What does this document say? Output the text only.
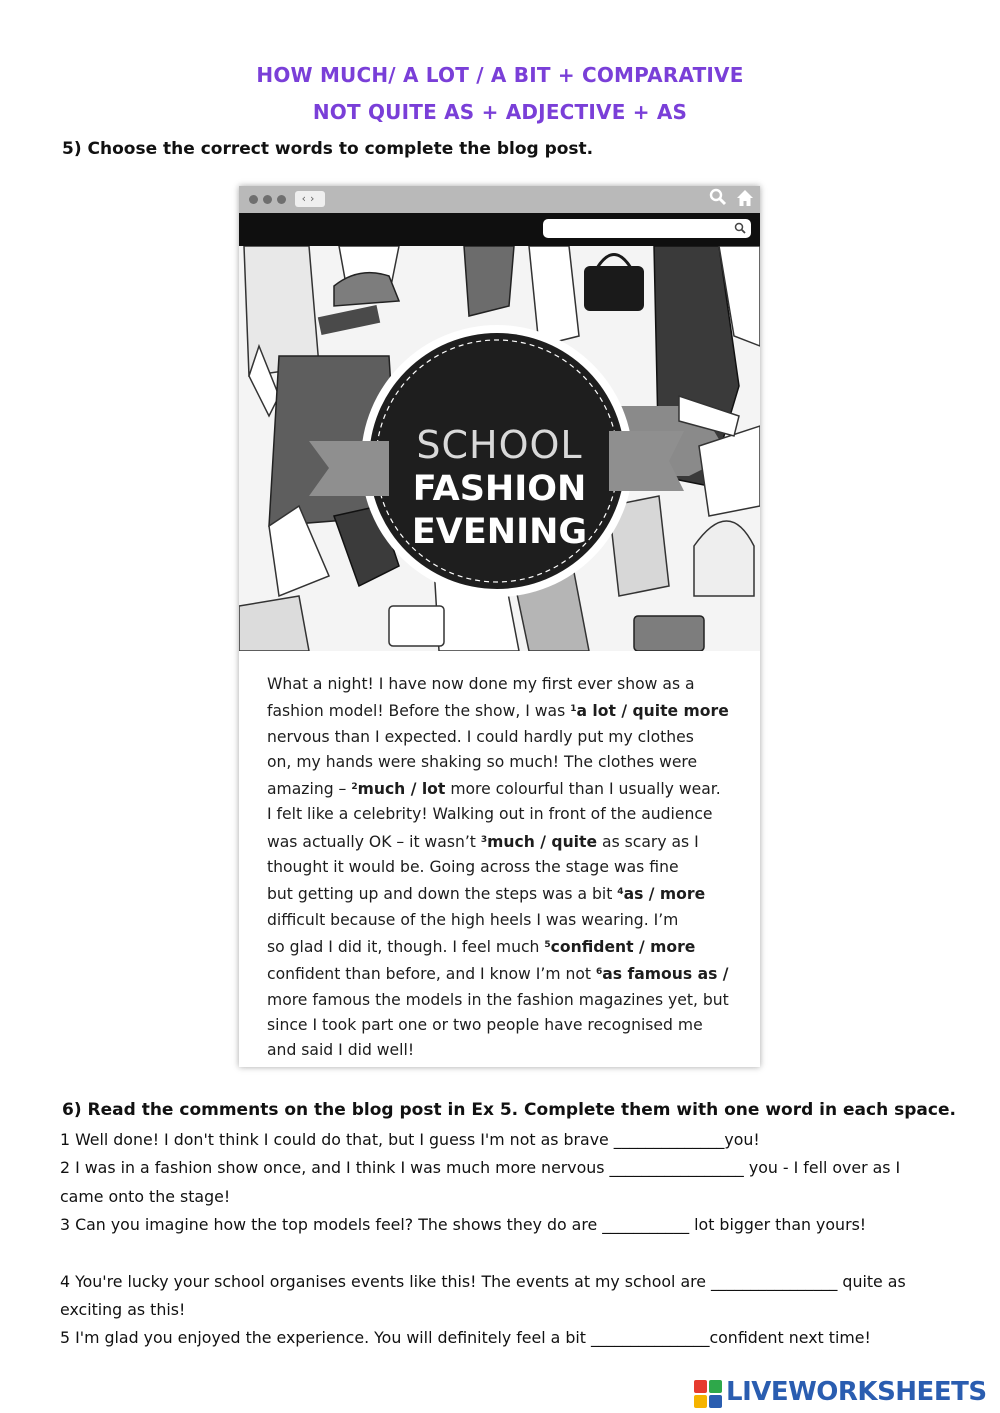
HOW MUCH/ A LOT / A BIT + COMPARATIVE
NOT QUITE AS + ADJECTIVE + AS
5) Choose the correct words to complete the blog post.
‹›
SCHOOL
FASHION
EVENING
What a night! I have now done my first ever show as a
fashion model! Before the show, I was $^1$a lot / quite more
nervous than I expected. I could hardly put my clothes
on, my hands were shaking so much! The clothes were
amazing – $^2$much / lot more colourful than I usually wear.
I felt like a celebrity! Walking out in front of the audience
was actually OK – it wasn’t $^3$much / quite as scary as I
thought it would be. Going across the stage was fine
but getting up and down the steps was a bit $^4$as / more
difficult because of the high heels I was wearing. I’m
so glad I did it, though. I feel much $^5$confident / more
confident than before, and I know I’m not $^6$as famous as /
more famous the models in the fashion magazines yet, but
since I took part one or two people have recognised me
and said I did well!
6) Read the comments on the blog post in Ex 5. Complete them with one word in each space.
1 Well done! I don't think I could do that, but I guess I'm not as brave ______________you!
2 I was in a fashion show once, and I think I was much more nervous _________________ you - I fell over as I came onto the stage!
3 Can you imagine how the top models feel? The shows they do are ___________ lot bigger than yours!
4 You're lucky your school organises events like this! The events at my school are ________________ quite as exciting as this!
5 I'm glad you enjoyed the experience. You will definitely feel a bit _______________confident next time!
LIVEWORKSHEETS
